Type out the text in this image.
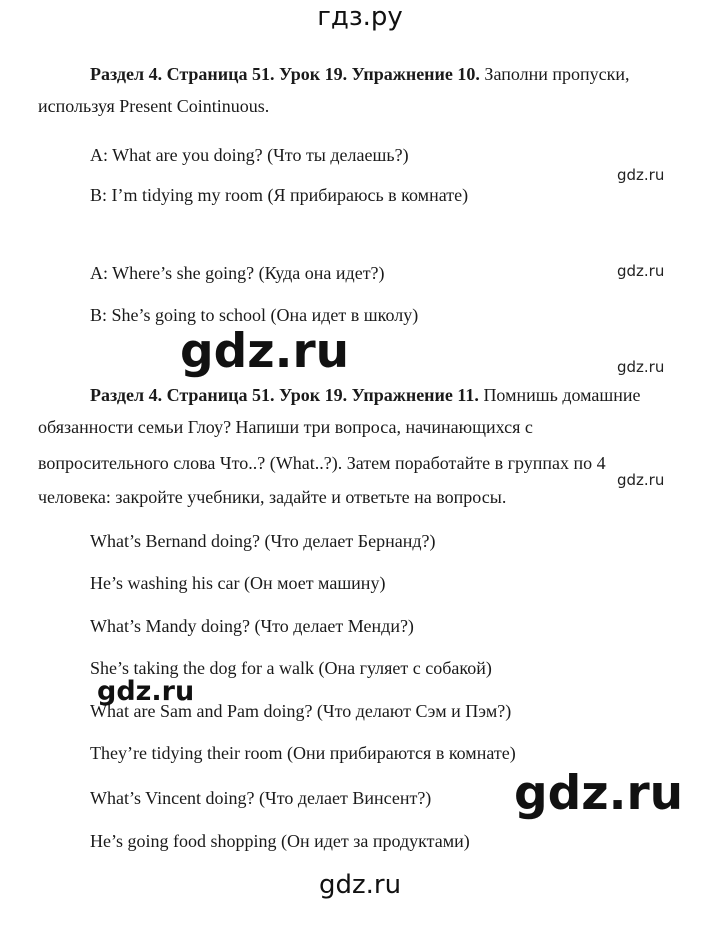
гдз.ру
Раздел 4. Страница 51. Урок 19. Упражнение 10. Заполни пропуски,
используя Present Cointinuous.
A: What are you doing? (Что ты делаешь?)
B: I’m tidying my room (Я прибираюсь в комнате)
A: Where’s she going? (Куда она идет?)
B: She’s going to school (Она идет в школу)
Раздел 4. Страница 51. Урок 19. Упражнение 11. Помнишь домашние
обязанности семьи Глоу? Напиши три вопроса, начинающихся с
вопросительного слова Что..? (What..?). Затем поработайте в группах по 4
человека: закройте учебники, задайте и ответьте на вопросы.
What’s Bernand doing? (Что делает Бернанд?)
He’s washing his car (Он моет машину)
What’s Mandy doing? (Что делает Менди?)
She’s taking the dog for a walk (Она гуляет с собакой)
What are Sam and Pam doing? (Что делают Сэм и Пэм?)
They’re tidying their room (Они прибираются в комнате)
What’s Vincent doing? (Что делает Винсент?)
He’s going food shopping (Он идет за продуктами)
gdz.ru
gdz.ru
gdz.ru
gdz.ru
gdz.ru
gdz.ru
gdz.ru
gdz.ru
